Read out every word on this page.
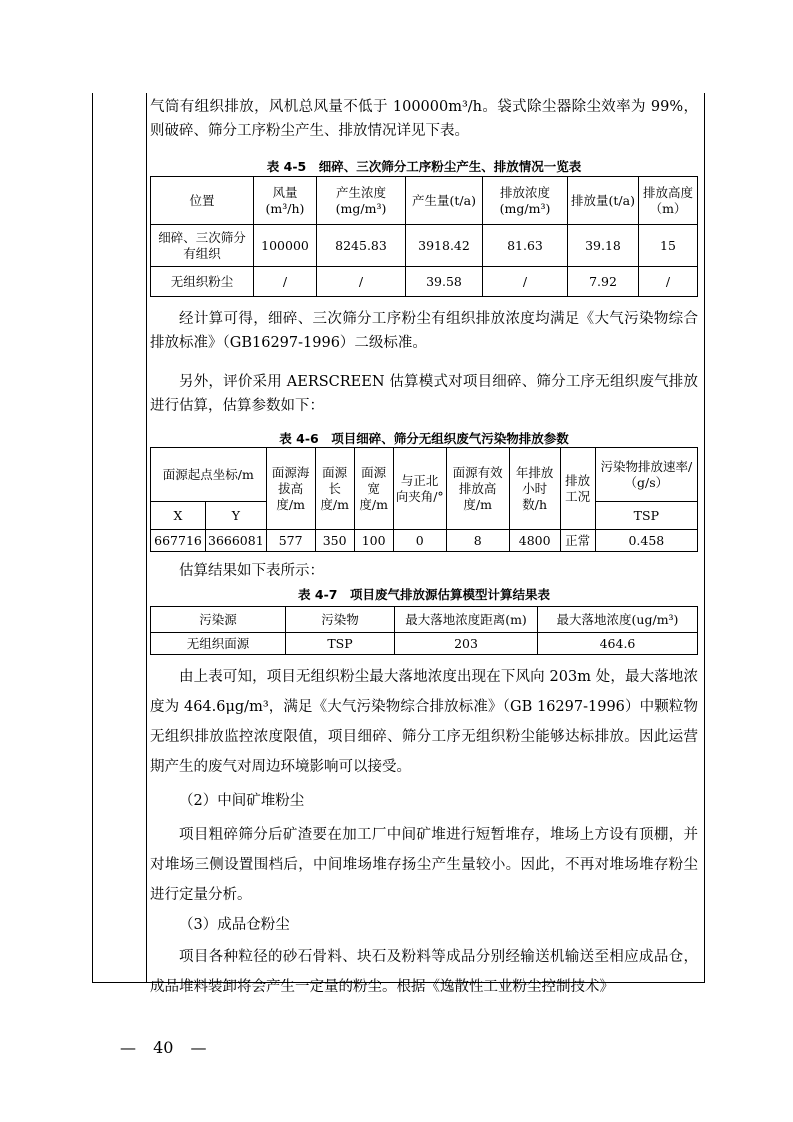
气筒有组织排放，风机总风量不低于 100000m³/h。袋式除尘器除尘效率为 99%，则破碎、筛分工序粉尘产生、排放情况详见下表。

表 4-5　细碎、三次筛分工序粉尘产生、排放情况一览表
位置	风量(m³/h)	产生浓度(mg/m³)	产生量(t/a)	排放浓度(mg/m³)	排放量(t/a)	排放高度（m）
细碎、三次筛分有组织	100000	8245.83	3918.42	81.63	39.18	15
无组织粉尘	/	/	39.58	/	7.92	/

经计算可得，细碎、三次筛分工序粉尘有组织排放浓度均满足《大气污染物综合排放标准》（GB16297-1996）二级标准。

另外，评价采用 AERSCREEN 估算模式对项目细碎、筛分工序无组织废气排放进行估算，估算参数如下：

表 4-6　项目细碎、筛分无组织废气污染物排放参数
面源起点坐标/m		面源海拔高度/m	面源长度/m	面源宽度/m	与正北向夹角/°	面源有效排放高度/m	年排放小时数/h	排放工况	污染物排放速率/（g/s）
X	Y								TSP
667716	3666081	577	350	100	0	8	4800	正常	0.458

估算结果如下表所示：

表 4-7　项目废气排放源估算模型计算结果表
污染源	污染物	最大落地浓度距离(m)	最大落地浓度(ug/m³)
无组织面源	TSP	203	464.6

由上表可知，项目无组织粉尘最大落地浓度出现在下风向 203m 处，最大落地浓度为 464.6μg/m³，满足《大气污染物综合排放标准》（GB 16297-1996）中颗粒物无组织排放监控浓度限值，项目细碎、筛分工序无组织粉尘能够达标排放。因此运营期产生的废气对周边环境影响可以接受。

（2）中间矿堆粉尘

项目粗碎筛分后矿渣要在加工厂中间矿堆进行短暂堆存，堆场上方设有顶棚，并对堆场三侧设置围档后，中间堆场堆存扬尘产生量较小。因此，不再对堆场堆存粉尘进行定量分析。

（3）成品仓粉尘

项目各种粒径的砂石骨料、块石及粉料等成品分别经输送机输送至相应成品仓，成品堆料装卸将会产生一定量的粉尘。根据《逸散性工业粉尘控制技术》

— 40 —
